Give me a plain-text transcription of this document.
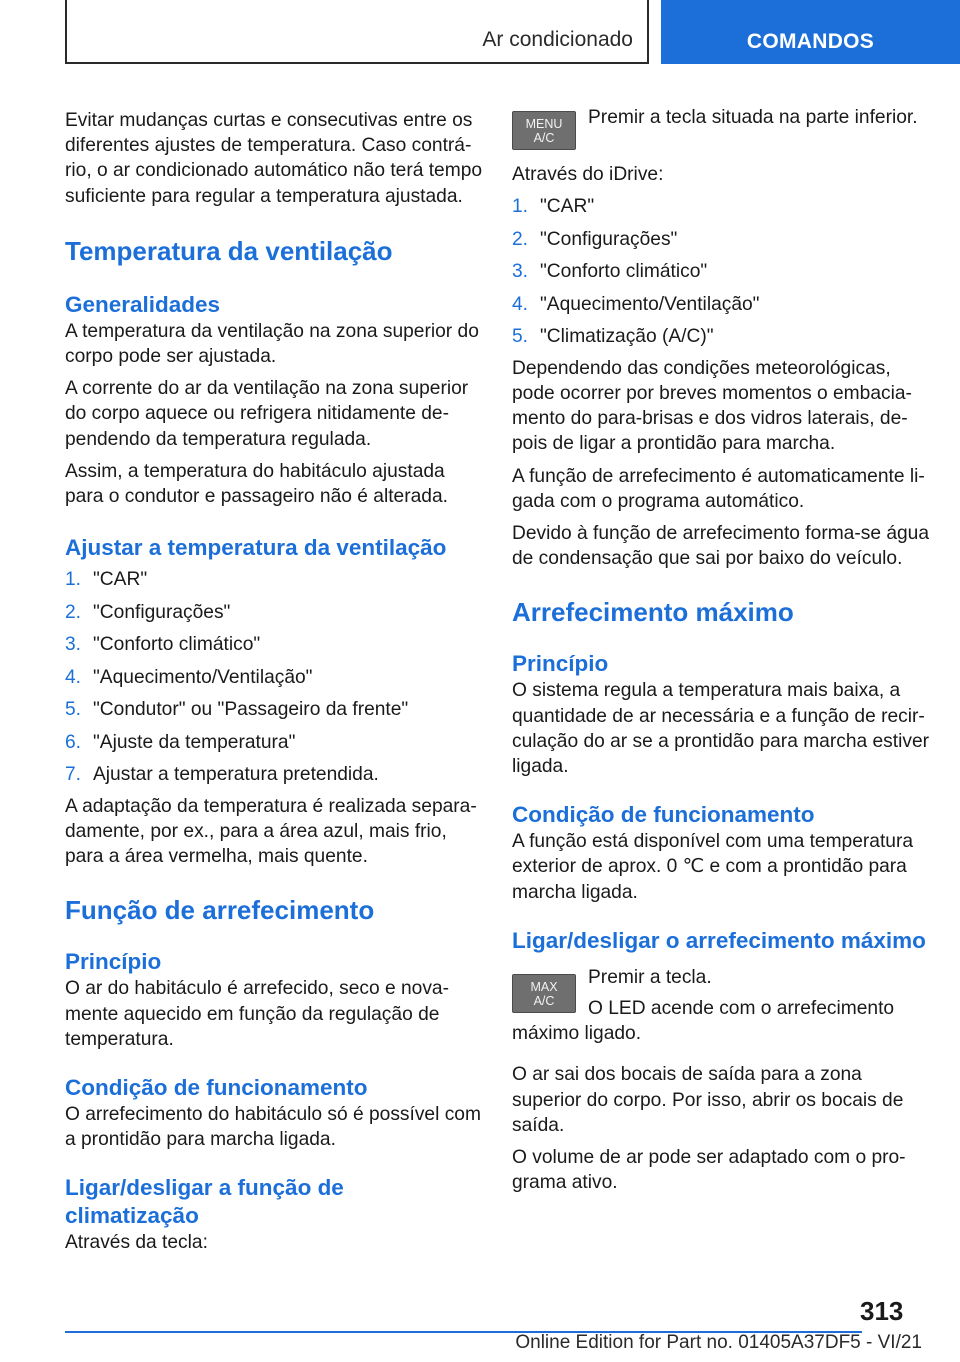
Ar condicionado	COMANDOS

Evitar mudanças curtas e consecutivas entre os diferentes ajustes de temperatura. Caso contrá- rio, o ar condicionado automático não terá tempo suficiente para regular a temperatura ajustada.

Temperatura da ventilação
Generalidades

A temperatura da ventilação na zona superior do corpo pode ser ajustada.

A corrente do ar da ventilação na zona superior do corpo aquece ou refrigera nitidamente de- pendendo da temperatura regulada.

Assim, a temperatura do habitáculo ajustada para o condutor e passageiro não é alterada.

Ajustar a temperatura da ventilação
1. "CAR"
2. "Configurações"
3. "Conforto climático"
4. "Aquecimento/Ventilação"
5. "Condutor" ou "Passageiro da frente"
6. "Ajuste da temperatura"
7. Ajustar a temperatura pretendida.

A adaptação da temperatura é realizada separa- damente, por ex., para a área azul, mais frio, para a área vermelha, mais quente.

Função de arrefecimento
Princípio

O ar do habitáculo é arrefecido, seco e nova- mente aquecido em função da regulação de temperatura.

Condição de funcionamento

O arrefecimento do habitáculo só é possível com a prontidão para marcha ligada.

Ligar/desligar a função de climatização

Através da tecla:

MENU
A/C

Premir a tecla situada na parte inferior.

Através do iDrive:

1. "CAR"
2. "Configurações"
3. "Conforto climático"
4. "Aquecimento/Ventilação"
5. "Climatização (A/C)"

Dependendo das condições meteorológicas, pode ocorrer por breves momentos o embacia- mento do para-brisas e dos vidros laterais, de- pois de ligar a prontidão para marcha.

A função de arrefecimento é automaticamente li- gada com o programa automático.

Devido à função de arrefecimento forma-se água de condensação que sai por baixo do veículo.

Arrefecimento máximo
Princípio

O sistema regula a temperatura mais baixa, a quantidade de ar necessária e a função de recir- culação do ar se a prontidão para marcha estiver ligada.

Condição de funcionamento

A função está disponível com uma temperatura exterior de aprox. 0 ℃ e com a prontidão para marcha ligada.

Ligar/desligar o arrefecimento máximo
MAX
A/C

Premir a tecla.

O LED acende com o arrefecimento máximo ligado.

O ar sai dos bocais de saída para a zona superior do corpo. Por isso, abrir os bocais de saída.

O volume de ar pode ser adaptado com o pro- grama ativo.

313
Online Edition for Part no. 01405A37DF5 - VI/21
